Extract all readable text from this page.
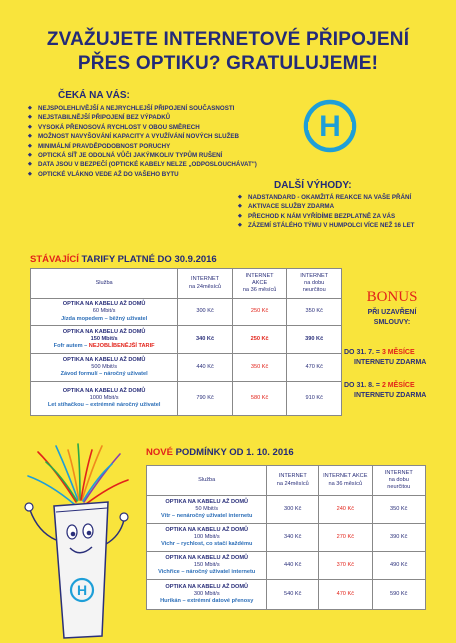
ZVAŽUJETE INTERNETOVÉ PŘIPOJENÍ
PŘES OPTIKU? GRATULUJEME!
ČEKÁ NA VÁS:
◆ NEJSPOLEHLIVĚJŠÍ A NEJRYCHLEJŠÍ PŘIPOJENÍ SOUČASNOSTI
◆ NEJSTABILNĚJŠÍ PŘIPOJENÍ BEZ VÝPADKŮ
◆ VYSOKÁ PŘENOSOVÁ RYCHLOST V OBOU SMĚRECH
◆ MOŽNOST NAVYŠOVÁNÍ KAPACITY A VYUŽÍVÁNÍ NOVÝCH SLUŽEB
◆ MINIMÁLNÍ PRAVDĚPODOBNOST PORUCHY
◆ OPTICKÁ SÍŤ JE ODOLNÁ VŮČI JAKÝMKOLIV TYPŮM RUŠENÍ
◆ DATA JSOU V BEZPEČÍ (OPTICKÉ KABELY NELZE „ODPOSLOUCHÁVAT")
◆ OPTICKÉ VLÁKNO VEDE AŽ DO VAŠEHO BYTU
H
DALŠÍ VÝHODY:
◆ NADSTANDARD - OKAMŽITÁ REAKCE NA VAŠE PŘÁNÍ
◆ AKTIVACE SLUŽBY ZDARMA
◆ PŘECHOD K NÁM VYŘÍDÍME BEZPLATNĚ ZA VÁS
◆ ZÁZEMÍ STÁLÉHO TÝMU V HUMPOLCI VÍCE NEŽ 16 LET
STÁVAJÍCÍ TARIFY PLATNÉ DO 30.9.2016
Služba	INTERNET
na 24měsíců	INTERNET
AKCE
na 36 měsíců	INTERNET
na dobu
neurčitou

OPTIKA NA KABELU AŽ DOMŮ
60 Mbit/s
Jízda mopedem – běžný uživatel	300 Kč	250 Kč	350 Kč

OPTIKA NA KABELU AŽ DOMŮ
150 Mbit/s
Fofr autem – NEJOBLÍBENĚJŠÍ TARIF	340 Kč	250 Kč	390 Kč

OPTIKA NA KABELU AŽ DOMŮ
500 Mbit/s
Závod formulí – náročný uživatel	440 Kč	350 Kč	470 Kč

OPTIKA NA KABELU AŽ DOMŮ
1000 Mbit/s
Let stíhačkou – extrémně náročný uživatel	790 Kč	580 Kč	910 Kč
BONUS
PŘI UZAVŘENÍ
SMLOUVY:
DO 31. 7. = 3 MĚSÍCE
INTERNETU ZDARMA
DO 31. 8. = 2 MĚSÍCE
INTERNETU ZDARMA
NOVÉ PODMÍNKY OD 1. 10. 2016
Služba	INTERNET
na 24měsíců	INTERNET AKCE
na 36 měsíců	INTERNET
na dobu
neurčitou

OPTIKA NA KABELU AŽ DOMŮ
50 Mbit/s
Vítr – nenáročný uživatel internetu	300 Kč	240 Kč	350 Kč

OPTIKA NA KABELU AŽ DOMŮ
100 Mbit/s
Vichr – rychlost, co stačí každému	340 Kč	270 Kč	390 Kč

OPTIKA NA KABELU AŽ DOMŮ
150 Mbit/s
Vichřice – náročný uživatel internetu	440 Kč	370 Kč	490 Kč

OPTIKA NA KABELU AŽ DOMŮ
300 Mbit/s
Hurikán – extrémní datové přenosy	540 Kč	470 Kč	590 Kč
H
